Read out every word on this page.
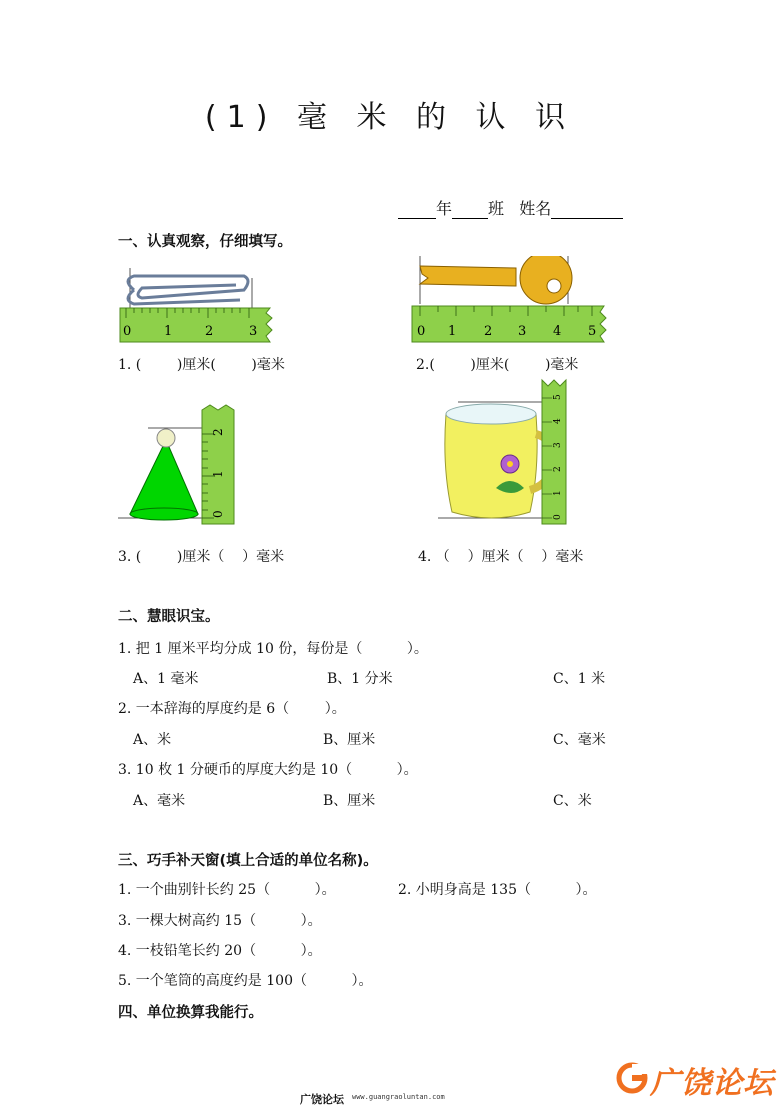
(1) 毫 米 的 认 识
年 班 姓名
一、认真观察，仔细填写。
0	1	2	3
1. (        )厘米(        )毫米
0 1 2 3 4 5
2.(        )厘米(        )毫米
0
1
2
3. (        )厘米（    ）毫米
0
1
2
3
4
5
4. （    ）厘米（    ）毫米
二、慧眼识宝。
1. 把 1 厘米平均分成 10 份，每份是（          ）。
A、1 毫米	B、1 分米	C、1 米
2. 一本辞海的厚度约是 6（        ）。
A、米	B、厘米	C、毫米
3. 10 枚 1 分硬币的厚度大约是 10（          ）。
A、毫米	B、厘米	C、米
三、巧手补天窗(填上合适的单位名称)。
1. 一个曲别针长约 25（          ）。	2. 小明身高是 135（          ）。
3. 一棵大树高约 15（          ）。
4. 一枝铅笔长约 20（          ）。
5. 一个笔筒的高度约是 100（          ）。
四、单位换算我能行。
广饶论坛 www.guangraoluntan.com	广饶论坛
